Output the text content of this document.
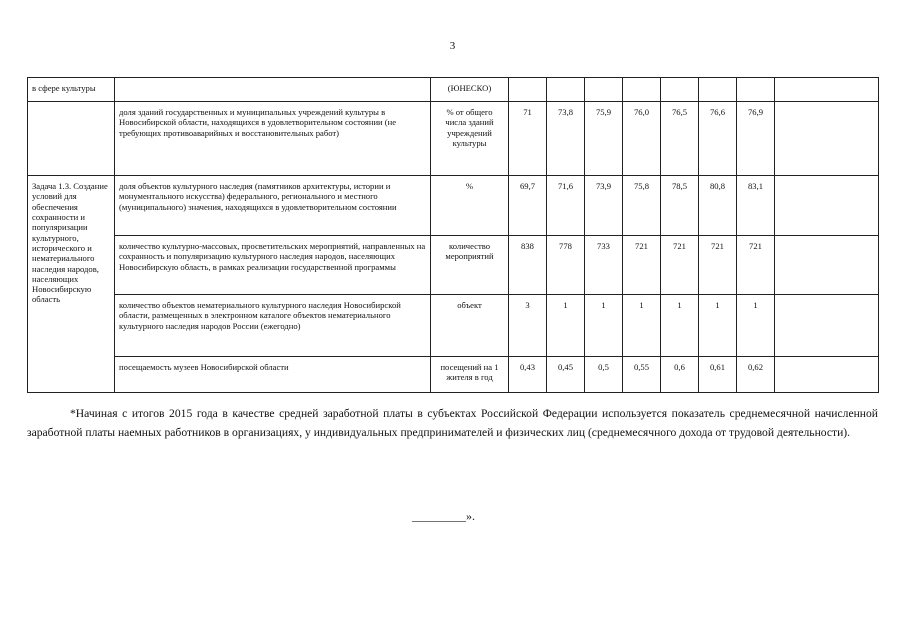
3
в сфере культуры		(ЮНЕСКО)								
	доля зданий государственных и муниципальных учреждений культуры в Новосибирской области, находящихся в удовлетворительном состоянии (не требующих противоаварийных и восстановительных работ)	% от общего числа зданий учреждений культуры	71	73,8	75,9	76,0	76,5	76,6	76,9	
Задача 1.3. Создание условий для обеспечения сохранности и популяризации культурного, исторического и нематериального наследия народов, населяющих Новосибирскую область	доля объектов культурного наследия (памятников архитектуры, истории и монументального искусства) федерального, регионального и местного (муниципального) значения, находящихся в удовлетворительном состоянии	%	69,7	71,6	73,9	75,8	78,5	80,8	83,1	
	количество культурно-массовых, просветительских мероприятий, направленных на сохранность и популяризацию культурного наследия народов, населяющих Новосибирскую область, в рамках реализации государственной программы	количество мероприятий	838	778	733	721	721	721	721	
	количество объектов нематериального культурного наследия Новосибирской области, размещенных в электронном каталоге объектов нематериального культурного наследия народов России (ежегодно)	объект	3	1	1	1	1	1	1	
	посещаемость музеев Новосибирской области	посещений на 1 жителя в год	0,43	0,45	0,5	0,55	0,6	0,61	0,62	

*Начиная с итогов 2015 года в качестве средней заработной платы в субъектах Российской Федерации используется показатель среднемесячной начисленной заработной платы наемных работников в организациях, у индивидуальных предпринимателей и физических лиц (среднемесячного дохода от трудовой деятельности).

_________».
